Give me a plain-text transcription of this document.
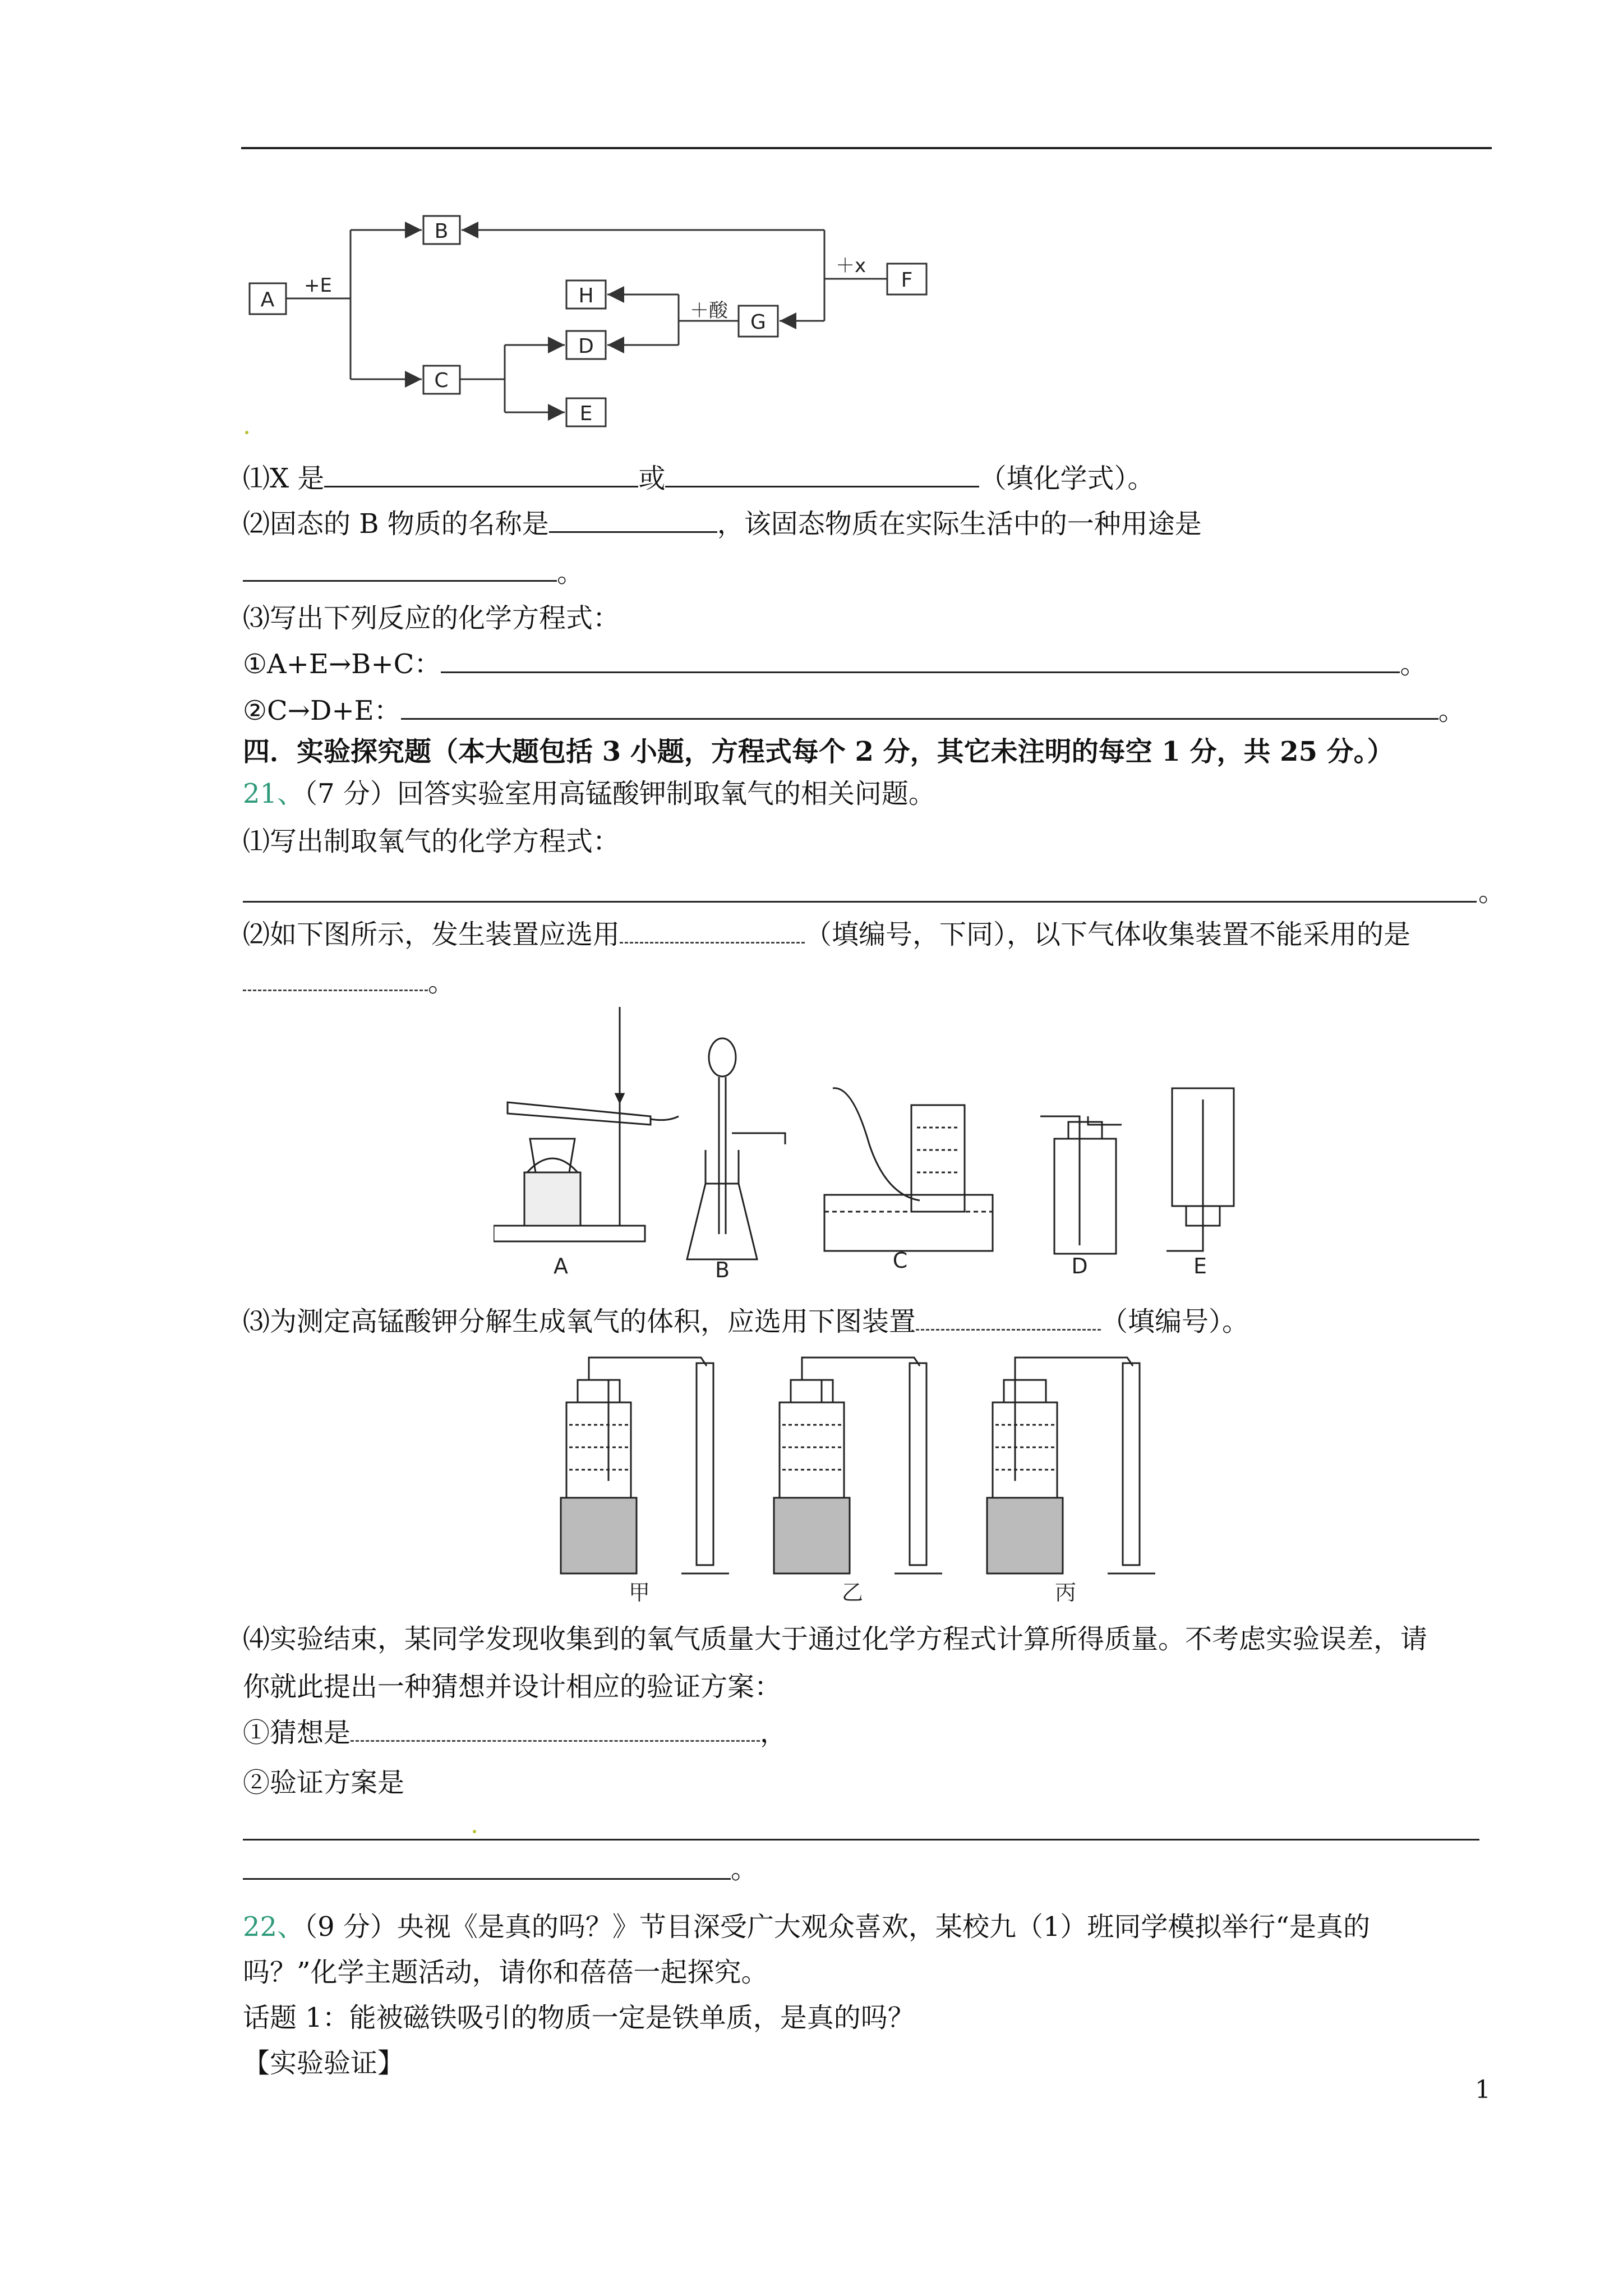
A
B
C
H
D
E
G
F
+E
＋酸
＋x
⑴X 是	或	（填化学式）。
⑵固态的 B 物质的名称是	，该固态物质在实际生活中的一种用途是
。
⑶写出下列反应的化学方程式：
①A+E→B+C：	。
②C→D+E：	。
四．实验探究题（本大题包括 3 小题，方程式每个 2 分，其它未注明的每空 1 分，共 25 分。）
21、（7 分）回答实验室用高锰酸钾制取氧气的相关问题。
⑴写出制取氧气的化学方程式：
。
⑵如下图所示，发生装置应选用	（填编号，下同），以下气体收集装置不能采用的是
。
A	B	C	D	E
⑶为测定高锰酸钾分解生成氧气的体积，应选用下图装置	（填编号）。
甲	乙	丙
⑷实验结束，某同学发现收集到的氧气质量大于通过化学方程式计算所得质量。不考虑实验误差，请
你就此提出一种猜想并设计相应的验证方案：
①猜想是	，
②验证方案是
。
22、（9 分）央视《是真的吗？》节目深受广大观众喜欢，某校九（1）班同学模拟举行“是真的
吗？”化学主题活动，请你和蓓蓓一起探究。
话题 1：能被磁铁吸引的物质一定是铁单质，是真的吗？
【实验验证】
1
